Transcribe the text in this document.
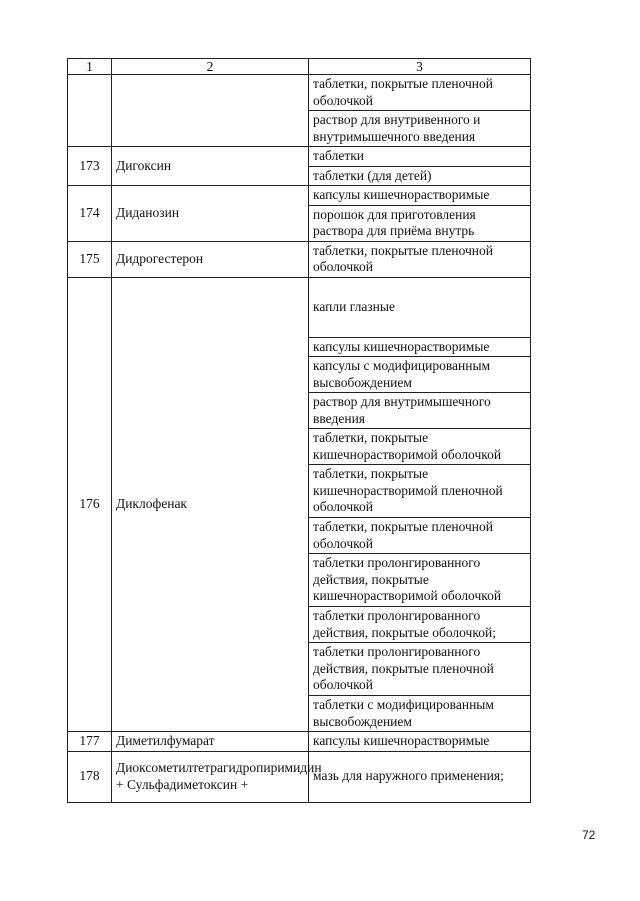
1	2	3
		таблетки, покрытые пленочной оболочкой
		раствор для внутривенного и внутримышечного введения
173	Дигоксин	таблетки
		таблетки (для детей)
174	Диданозин	капсулы кишечнорастворимые
		порошок для приготовления раствора для приёма внутрь
175	Дидрогестерон	таблетки, покрытые пленочной оболочкой
176	Диклофенак	капли глазные
		капсулы кишечнорастворимые
		капсулы с модифицированным высвобождением
		раствор для внутримышечного введения
		таблетки, покрытые кишечнорастворимой оболочкой
		таблетки, покрытые кишечнорастворимой пленочной оболочкой
		таблетки, покрытые пленочной оболочкой
		таблетки пролонгированного действия, покрытые кишечнорастворимой оболочкой
		таблетки пролонгированного действия, покрытые оболочкой;
		таблетки пролонгированного действия, покрытые пленочной оболочкой
		таблетки с модифицированным высвобождением
177	Диметилфумарат	капсулы кишечнорастворимые
178	Диоксометилтетрагидропиримидин + Сульфадиметоксин +	мазь для наружного применения;
72
